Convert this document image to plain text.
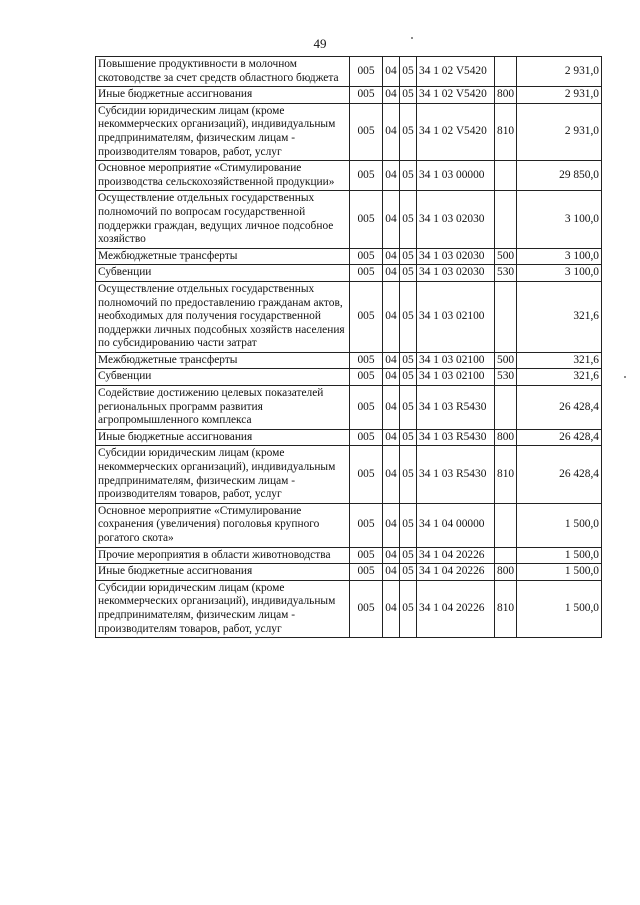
49
Повышение продуктивности в молочном скотоводстве за счет средств областного бюджета	005	04	05	34 1 02 V5420		2 931,0
Иные бюджетные ассигнования	005	04	05	34 1 02 V5420	800	2 931,0
Субсидии юридическим лицам (кроме некоммерческих организаций), индивидуальным предпринимателям, физическим лицам - производителям товаров, работ, услуг	005	04	05	34 1 02 V5420	810	2 931,0
Основное мероприятие «Стимулирование производства сельскохозяйственной продукции»	005	04	05	34 1 03 00000		29 850,0
Осуществление отдельных государственных полномочий по вопросам государственной поддержки граждан, ведущих личное подсобное хозяйство	005	04	05	34 1 03 02030		3 100,0
Межбюджетные трансферты	005	04	05	34 1 03 02030	500	3 100,0
Субвенции	005	04	05	34 1 03 02030	530	3 100,0
Осуществление отдельных государственных полномочий по предоставлению гражданам актов, необходимых для получения государственной поддержки личных подсобных хозяйств населения по субсидированию части затрат	005	04	05	34 1 03 02100		321,6
Межбюджетные трансферты	005	04	05	34 1 03 02100	500	321,6
Субвенции	005	04	05	34 1 03 02100	530	321,6
Содействие достижению целевых показателей региональных программ развития агропромышленного комплекса	005	04	05	34 1 03 R5430		26 428,4
Иные бюджетные ассигнования	005	04	05	34 1 03 R5430	800	26 428,4
Субсидии юридическим лицам (кроме некоммерческих организаций), индивидуальным предпринимателям, физическим лицам - производителям товаров, работ, услуг	005	04	05	34 1 03 R5430	810	26 428,4
Основное мероприятие «Стимулирование сохранения (увеличения) поголовья крупного рогатого скота»	005	04	05	34 1 04 00000		1 500,0
Прочие мероприятия в области животноводства	005	04	05	34 1 04 20226		1 500,0
Иные бюджетные ассигнования	005	04	05	34 1 04 20226	800	1 500,0
Субсидии юридическим лицам (кроме некоммерческих организаций), индивидуальным предпринимателям, физическим лицам - производителям товаров, работ, услуг	005	04	05	34 1 04 20226	810	1 500,0
